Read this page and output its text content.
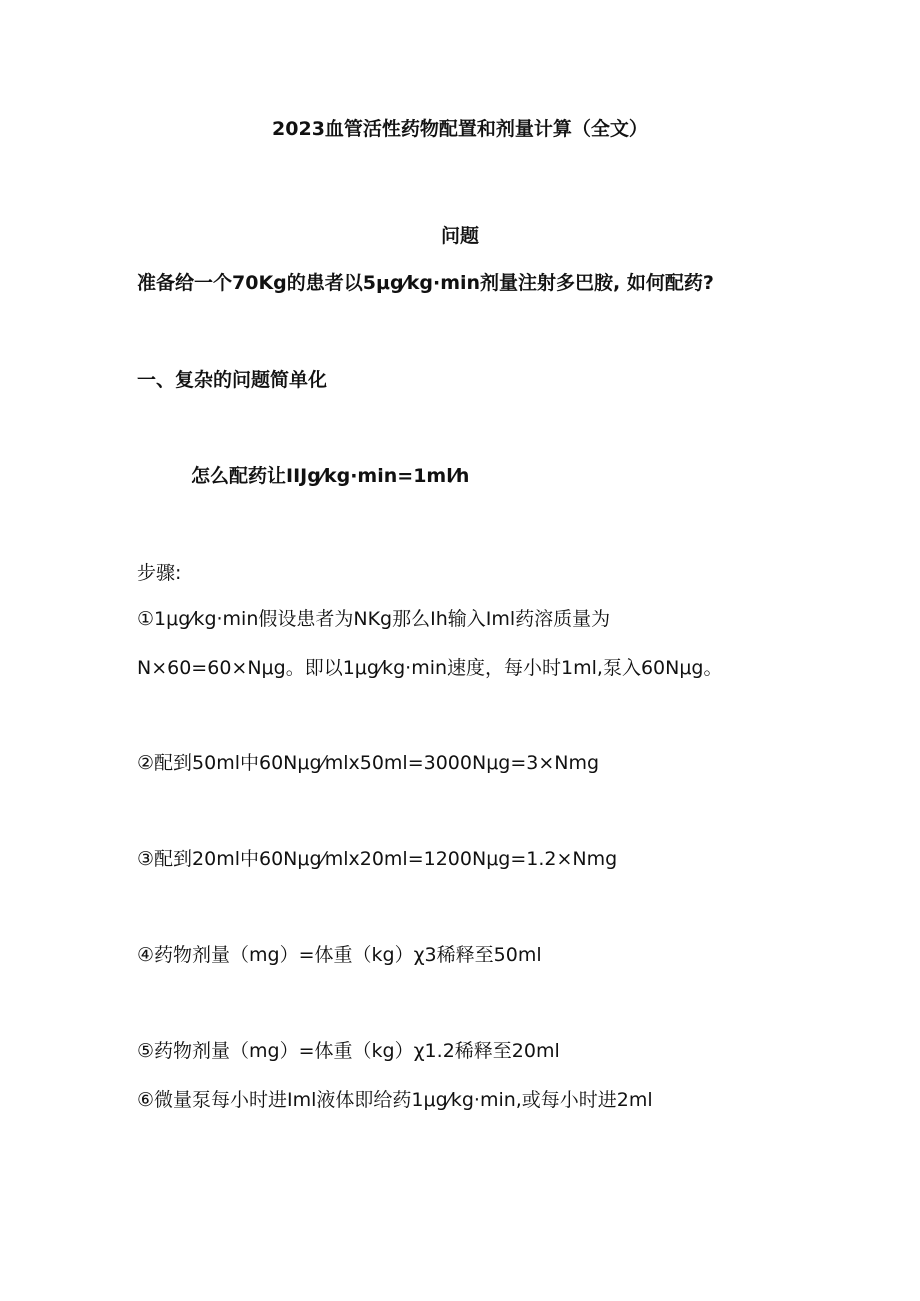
2023血管活性药物配置和剂量计算（全文）
问题
准备给一个70Kg的患者以5μg⁄kg·min剂量注射多巴胺, 如何配药?
一、复杂的问题简单化
怎么配药让IIJg⁄kg·min=1ml⁄h
步骤:
①1μg⁄kg·min假设患者为NKg那么Ih输入Iml药溶质量为
N×60=60×Nμg。即以1μg⁄kg·min速度，每小时1ml,泵入60Nμg。
②配到50ml中60Nμg⁄mlx50ml=3000Nμg=3×Nmg
③配到20ml中60Nμg⁄mlx20ml=1200Nμg=1.2×Nmg
④药物剂量（mg）=体重（kg）χ3稀释至50ml
⑤药物剂量（mg）=体重（kg）χ1.2稀释至20ml
⑥微量泵每小时进Iml液体即给药1μg⁄kg·min,或每小时进2ml
